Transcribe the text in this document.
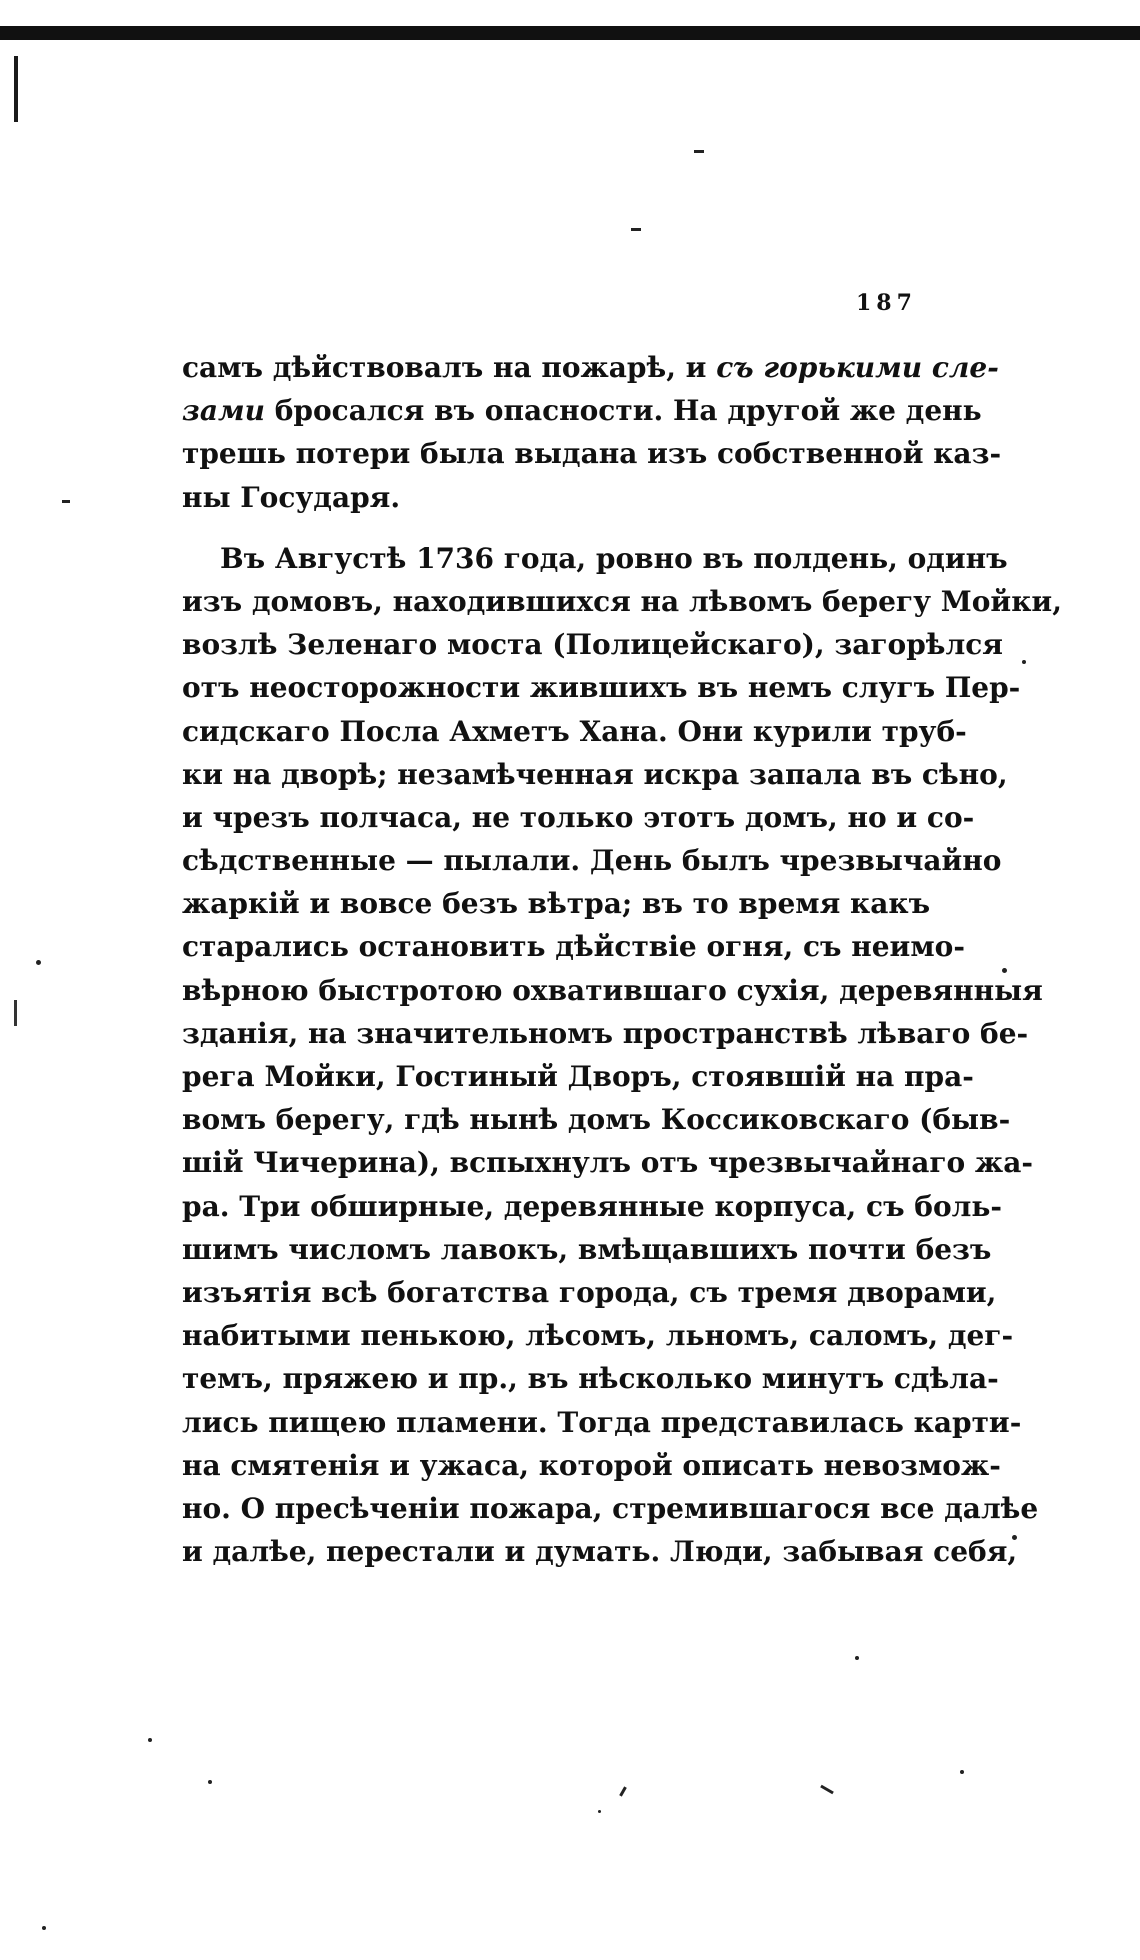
187
самъ дѣйствовалъ на пожарѣ, и съ горькими сле-
зами бросался въ опасности. На другой же день
трешь потери была выдана изъ собственной каз-
ны Государя.
Въ Августѣ 1736 года, ровно въ полдень, одинъ
изъ домовъ, находившихся на лѣвомъ берегу Мойки,
возлѣ Зеленаго моста (Полицейскаго), загорѣлся
отъ неосторожности жившихъ въ немъ слугъ Пер-
сидскаго Посла Ахметъ Хана. Они курили труб-
ки на дворѣ; незамѣченная искра запала въ сѣно,
и чрезъ полчаса, не только этотъ домъ, но и со-
сѣдственные — пылали. День былъ чрезвычайно
жаркій и вовсе безъ вѣтра; въ то время какъ
старались остановить дѣйствіе огня, съ неимо-
вѣрною быстротою охватившаго сухія, деревянныя
зданія, на значительномъ пространствѣ лѣваго бе-
рега Мойки, Гостиный Дворъ, стоявшій на пра-
вомъ берегу, гдѣ нынѣ домъ Коссиковскаго (быв-
шій Чичерина), вспыхнулъ отъ чрезвычайнаго жа-
ра. Три обширные, деревянные корпуса, съ боль-
шимъ числомъ лавокъ, вмѣщавшихъ почти безъ
изъятія всѣ богатства города, съ тремя дворами,
набитыми пенькою, лѣсомъ, льномъ, саломъ, дег-
темъ, пряжею и пр., въ нѣсколько минутъ сдѣла-
лись пищею пламени. Тогда представилась карти-
на смятенія и ужаса, которой описать невозмож-
но. О пресѣченіи пожара, стремившагося все далѣе
и далѣе, перестали и думать. Люди, забывая себя,
